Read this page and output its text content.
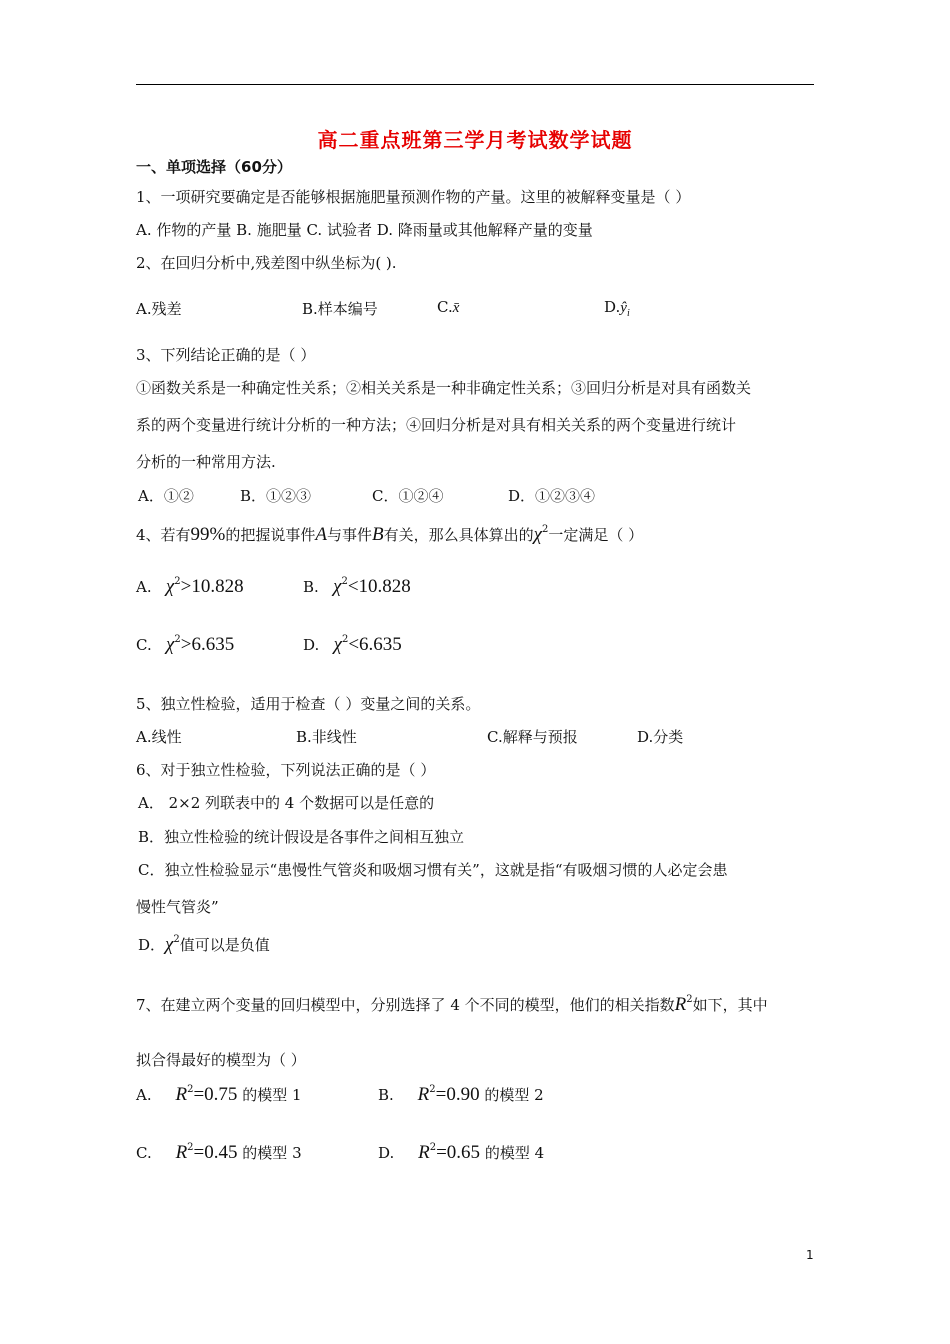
高二重点班第三学月考试数学试题
一、单项选择（60分）
1、一项研究要确定是否能够根据施肥量预测作物的产量。这里的被解释变量是（ ）
A. 作物的产量 B. 施肥量 C. 试验者 D. 降雨量或其他解释产量的变量
2、在回归分析中,残差图中纵坐标为( ).
A.残差	B.样本编号	C.x̄	$D.ŷ_i$
3、下列结论正确的是（ ）
①函数关系是一种确定性关系；②相关关系是一种非确定性关系；③回归分析是对具有函数关
系的两个变量进行统计分析的一种方法；④回归分析是对具有相关关系的两个变量进行统计
分析的一种常用方法.
A．①②	B．①②③	C．①②④	D．①②③④
4、若有99%的把握说事件A与事件B有关，那么具体算出的$\chi^2$一定满足（ ）
A. $\chi^2>10.828$	B. $\chi^2<10.828$
C. $\chi^2>6.635$	D. $\chi^2<6.635$
5、独立性检验，适用于检查（ ）变量之间的关系。
A.线性	B.非线性	C.解释与预报	D.分类
6、对于独立性检验，下列说法正确的是（ ）
A． 2×2 列联表中的 4 个数据可以是任意的
B．独立性检验的统计假设是各事件之间相互独立
C．独立性检验显示“患慢性气管炎和吸烟习惯有关”，这就是指“有吸烟习惯的人必定会患
慢性气管炎”
D．$\chi^2$值可以是负值
7、在建立两个变量的回归模型中，分别选择了 4 个不同的模型，他们的相关指数$R^2$如下，其中
拟合得最好的模型为（ ）
A. $R^2=0.75$ 的模型 1	B. $R^2=0.90$ 的模型 2
C. $R^2=0.45$ 的模型 3	D. $R^2=0.65$ 的模型 4
1
